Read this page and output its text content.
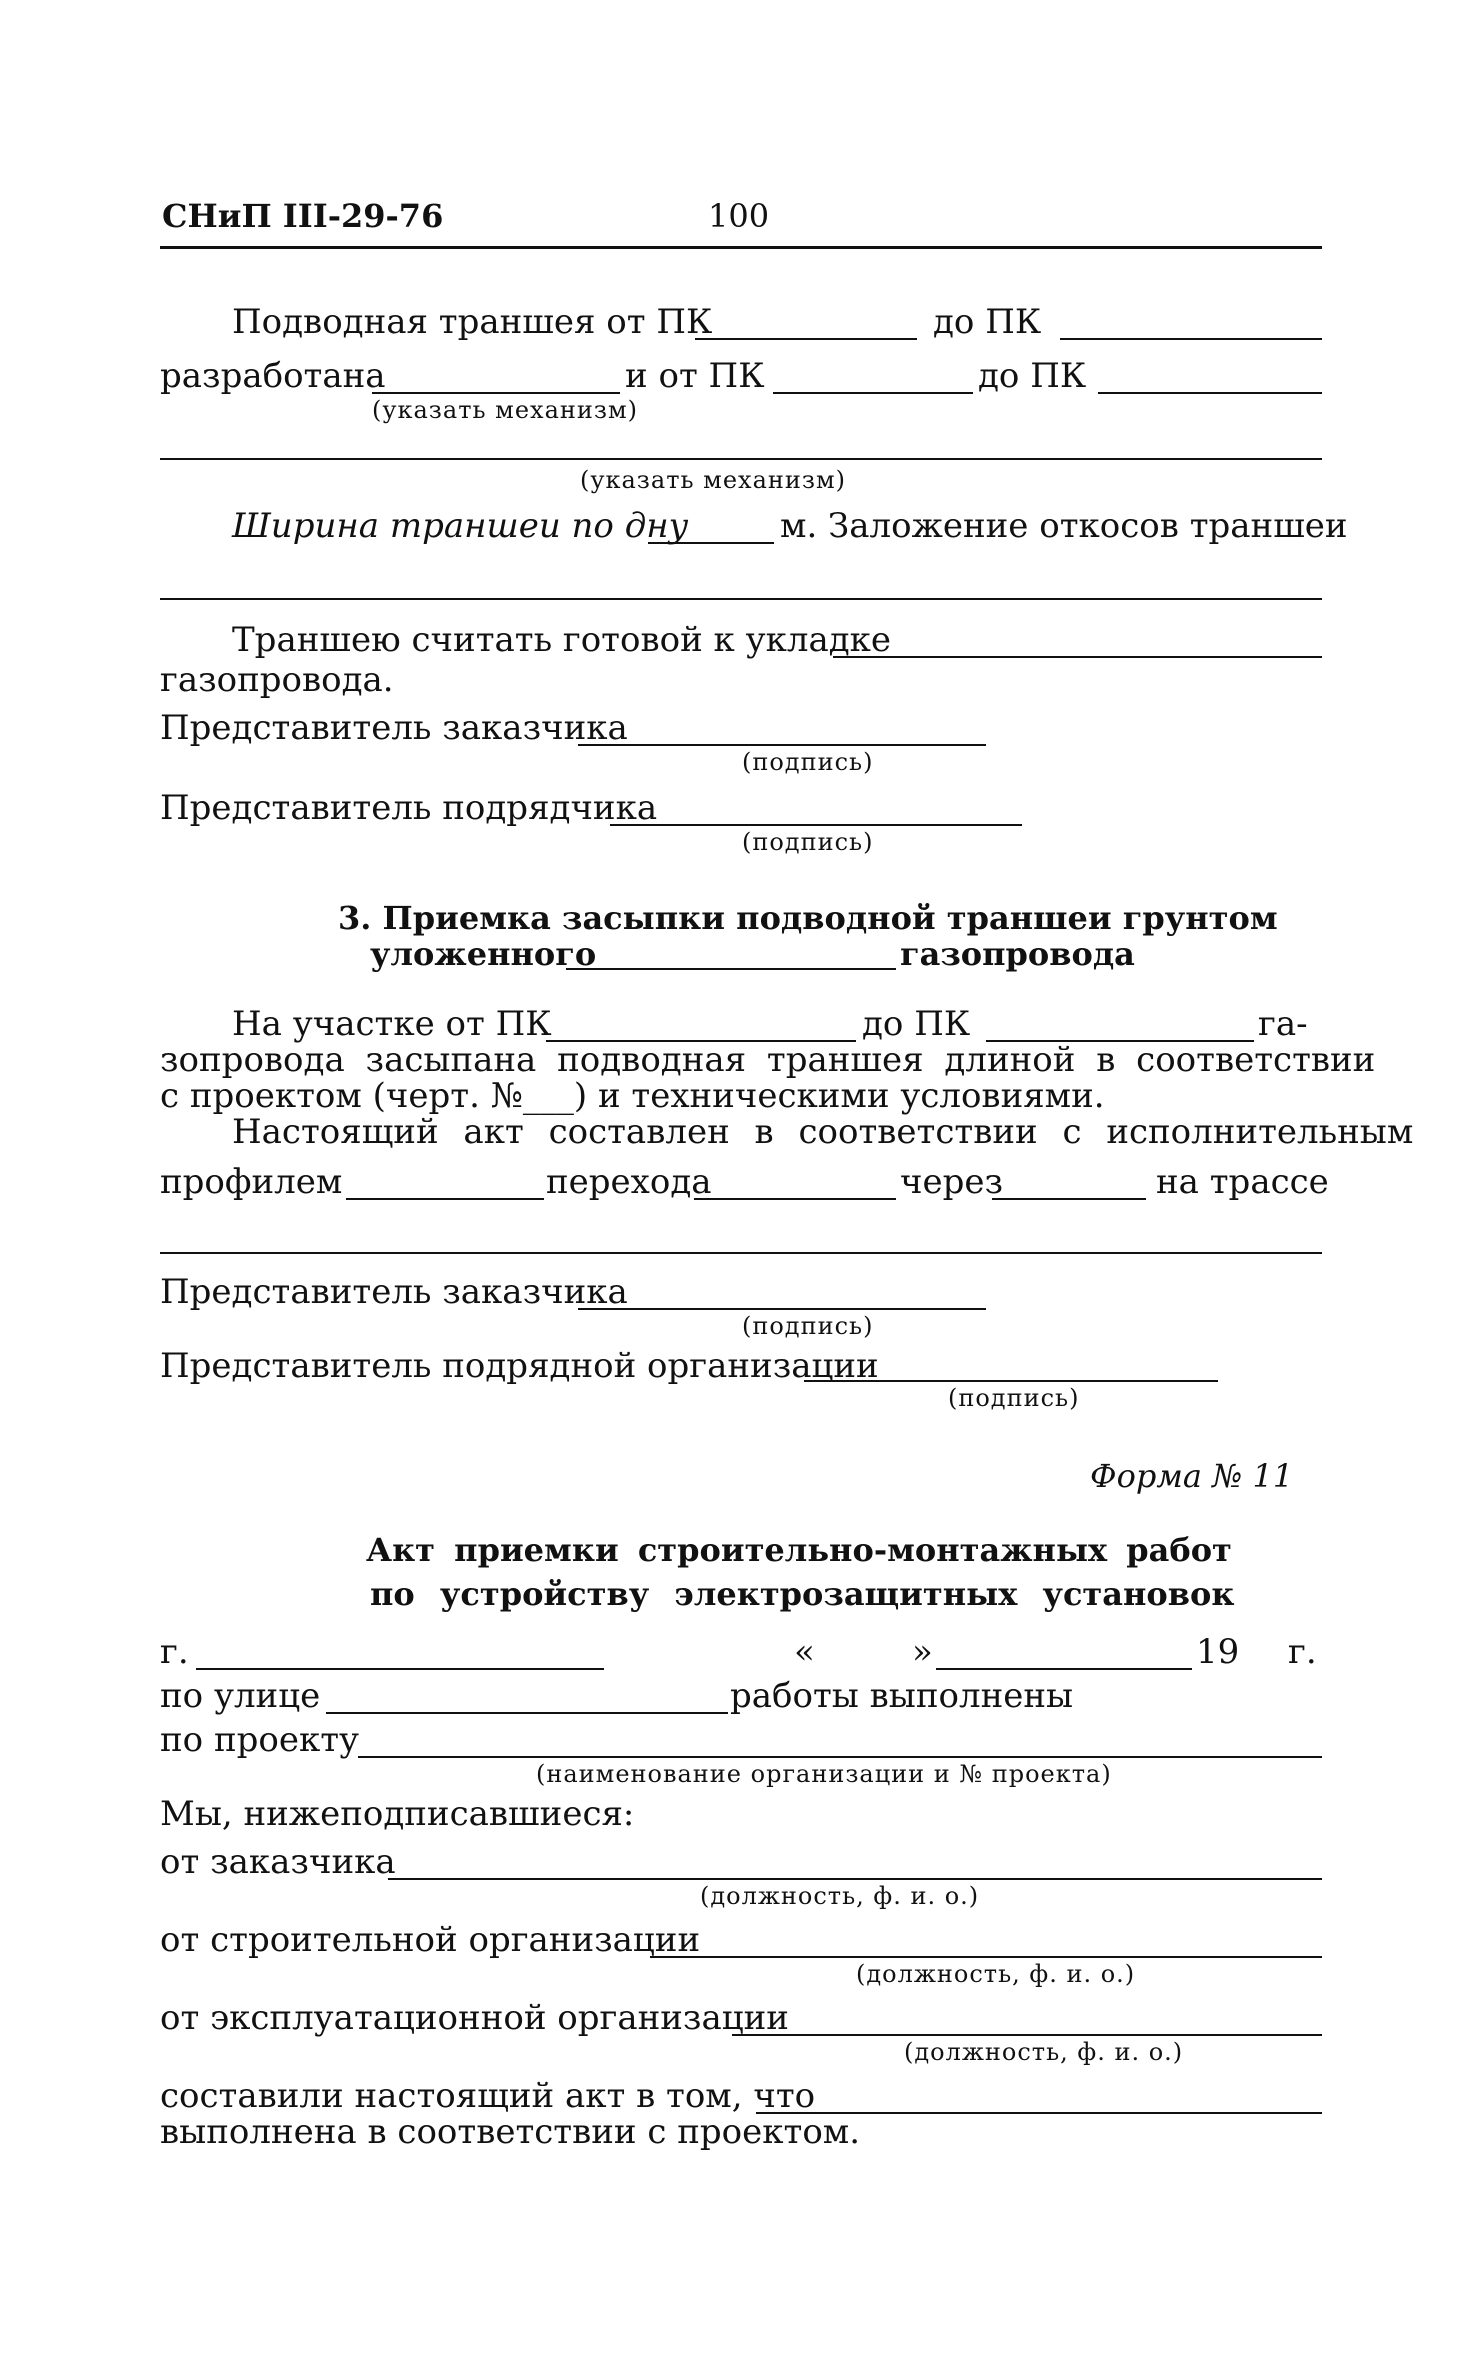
СНиП III-29-76	100
Подводная траншея от ПК	до ПК
разработана	и от ПК	до ПК
(указать механизм)
(указать механизм)
Ширина траншеи по дну	м. Заложение откосов траншеи
Траншею считать готовой к укладке
газопровода.
Представитель заказчика
(подпись)
Представитель подрядчика
(подпись)
3. Приемка засыпки подводной траншеи грунтом
уложенного	газопровода
На участке от ПК	до ПК	га-
зопровода засыпана подводная траншея длиной в соответствии
с проектом (черт. №___) и техническими условиями.
Настоящий акт составлен в соответствии с исполнительным
профилем	перехода	через	на трассе
Представитель заказчика
(подпись)
Представитель подрядной организации
(подпись)
Форма № 11
Акт приемки строительно-монтажных работ
по устройству электрозащитных установок
г.	«	»	19 г.
по улице	работы выполнены
по проекту
(наименование организации и № проекта)
Мы, нижеподписавшиеся:
от заказчика
(должность, ф. и. о.)
от строительной организации
(должность, ф. и. о.)
от эксплуатационной организации
(должность, ф. и. о.)
составили настоящий акт в том, что
выполнена в соответствии с проектом.
